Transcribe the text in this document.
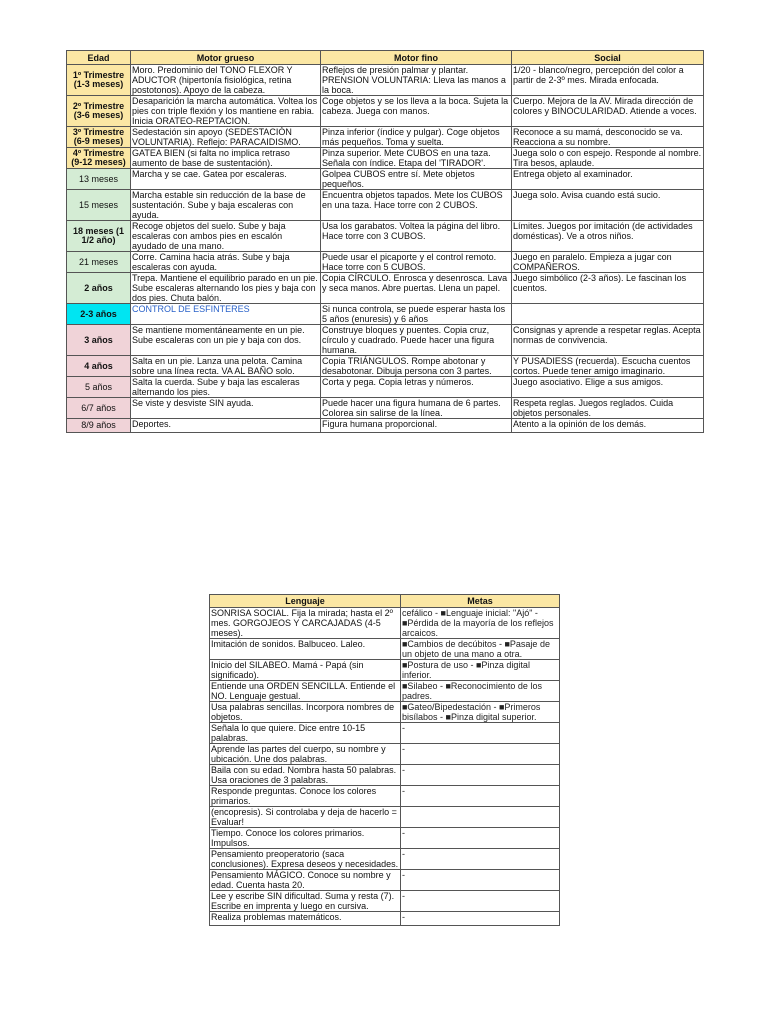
Edad	Motor grueso	Motor fino	Social
1º Trimestre (1-3 meses)	Moro. Predominio del TONO FLEXOR Y ADUCTOR (hipertonía fisiológica, retina postotonos). Apoyo de la cabeza.	Reflejos de presión palmar y plantar. PRENSION VOLUNTARIA: Lleva las manos a la boca.	1/20 - blanco/negro, percepción del color a partir de 2-3º mes. Mirada enfocada.
2º Trimestre (3-6 meses)	Desaparición la marcha automática. Voltea los pies con triple flexión y los mantiene en rabia. Inicia ORATEO-REPTACION.	Coge objetos y se los lleva a la boca. Sujeta la cabeza. Juega con manos.	Cuerpo. Mejora de la AV. Mirada dirección de colores y BINOCULARIDAD. Atiende a voces.
3º Trimestre (6-9 meses)	Sedestación sin apoyo (SEDESTACIÓN VOLUNTARIA). Reflejo: PARACAIDISMO.	Pinza inferior (índice y pulgar). Coge objetos más pequeños. Toma y suelta.	Reconoce a su mamá, desconocido se va. Reacciona a su nombre.
4º Trimestre (9-12 meses)	GATEA BIEN (si falta no implica retraso aumento de base de sustentación).	Pinza superior. Mete CUBOS en una taza. Señala con índice. Etapa del 'TIRADOR'.	Juega solo o con espejo. Responde al nombre. Tira besos, aplaude.
13 meses	Marcha y se cae. Gatea por escaleras.	Golpea CUBOS entre sí. Mete objetos pequeños.	Entrega objeto al examinador.
15 meses	Marcha estable sin reducción de la base de sustentación. Sube y baja escaleras con ayuda.	Encuentra objetos tapados. Mete los CUBOS en una taza. Hace torre con 2 CUBOS.	Juega solo. Avisa cuando está sucio.
18 meses (1 1/2 año)	Recoge objetos del suelo. Sube y baja escaleras con ambos pies en escalón ayudado de una mano.	Usa los garabatos. Voltea la página del libro. Hace torre con 3 CUBOS.	Límites. Juegos por imitación (de actividades domésticas). Ve a otros niños.
21 meses	Corre. Camina hacia atrás. Sube y baja escaleras con ayuda.	Puede usar el picaporte y el control remoto. Hace torre con 5 CUBOS.	Juego en paralelo. Empieza a jugar con COMPAÑEROS.
2 años	Trepa. Mantiene el equilibrio parado en un pie. Sube escaleras alternando los pies y baja con dos pies. Chuta balón.	Copia CÍRCULO. Enrosca y desenrosca. Lava y seca manos. Abre puertas. Llena un papel.	Juego simbólico (2-3 años). Le fascinan los cuentos.
2-3 años	CONTROL DE ESFINTERES	Si nunca controla, se puede esperar hasta los 5 años (enuresis) y 6 años	
3 años	Se mantiene momentáneamente en un pie. Sube escaleras con un pie y baja con dos.	Construye bloques y puentes. Copia cruz, círculo y cuadrado. Puede hacer una figura humana.	Consignas y aprende a respetar reglas. Acepta normas de convivencia.
4 años	Salta en un pie. Lanza una pelota. Camina sobre una línea recta. VA AL BAÑO solo.	Copia TRIÁNGULOS. Rompe abotonar y desabotonar. Dibuja persona con 3 partes.	Y PUSADIESS (recuerda). Escucha cuentos cortos. Puede tener amigo imaginario.
5 años	Salta la cuerda. Sube y baja las escaleras alternando los pies.	Corta y pega. Copia letras y números.	Juego asociativo. Elige a sus amigos.
6/7 años	Se viste y desviste SIN ayuda.	Puede hacer una figura humana de 6 partes. Colorea sin salirse de la línea.	Respeta reglas. Juegos reglados. Cuida objetos personales.
8/9 años	Deportes.	Figura humana proporcional.	Atento a la opinión de los demás.
Lenguaje	Metas
SONRISA SOCIAL. Fija la mirada; hasta el 2º mes. GORGOJEOS Y CARCAJADAS (4-5 meses).	cefálico - ■Lenguaje inicial: "Ajó" - ■Pérdida de la mayoría de los reflejos arcaicos.
Imitación de sonidos. Balbuceo. Laleo.	■Cambios de decúbitos - ■Pasaje de un objeto de una mano a otra.
Inicio del SILABEO. Mamá - Papá (sin significado).	■Postura de uso - ■Pinza digital inferior.
Entiende una ORDEN SENCILLA. Entiende el NO. Lenguaje gestual.	■Silabeo - ■Reconocimiento de los padres.
Usa palabras sencillas. Incorpora nombres de objetos.	■Gateo/Bipedestación - ■Primeros bisílabos - ■Pinza digital superior.
Señala lo que quiere. Dice entre 10-15 palabras.	-
Aprende las partes del cuerpo, su nombre y ubicación. Une dos palabras.	-
Baila con su edad. Nombra hasta 50 palabras. Usa oraciones de 3 palabras.	-
Responde preguntas. Conoce los colores primarios.	-
(encopresis). Si controlaba y deja de hacerlo = Evaluar!	
Tiempo. Conoce los colores primarios. Impulsos.	-
Pensamiento preoperatorio (saca conclusiones). Expresa deseos y necesidades.	-
Pensamiento MÁGICO. Conoce su nombre y edad. Cuenta hasta 20.	-
Lee y escribe SIN dificultad. Suma y resta (7). Escribe en imprenta y luego en cursiva.	-
Realiza problemas matemáticos.	-
